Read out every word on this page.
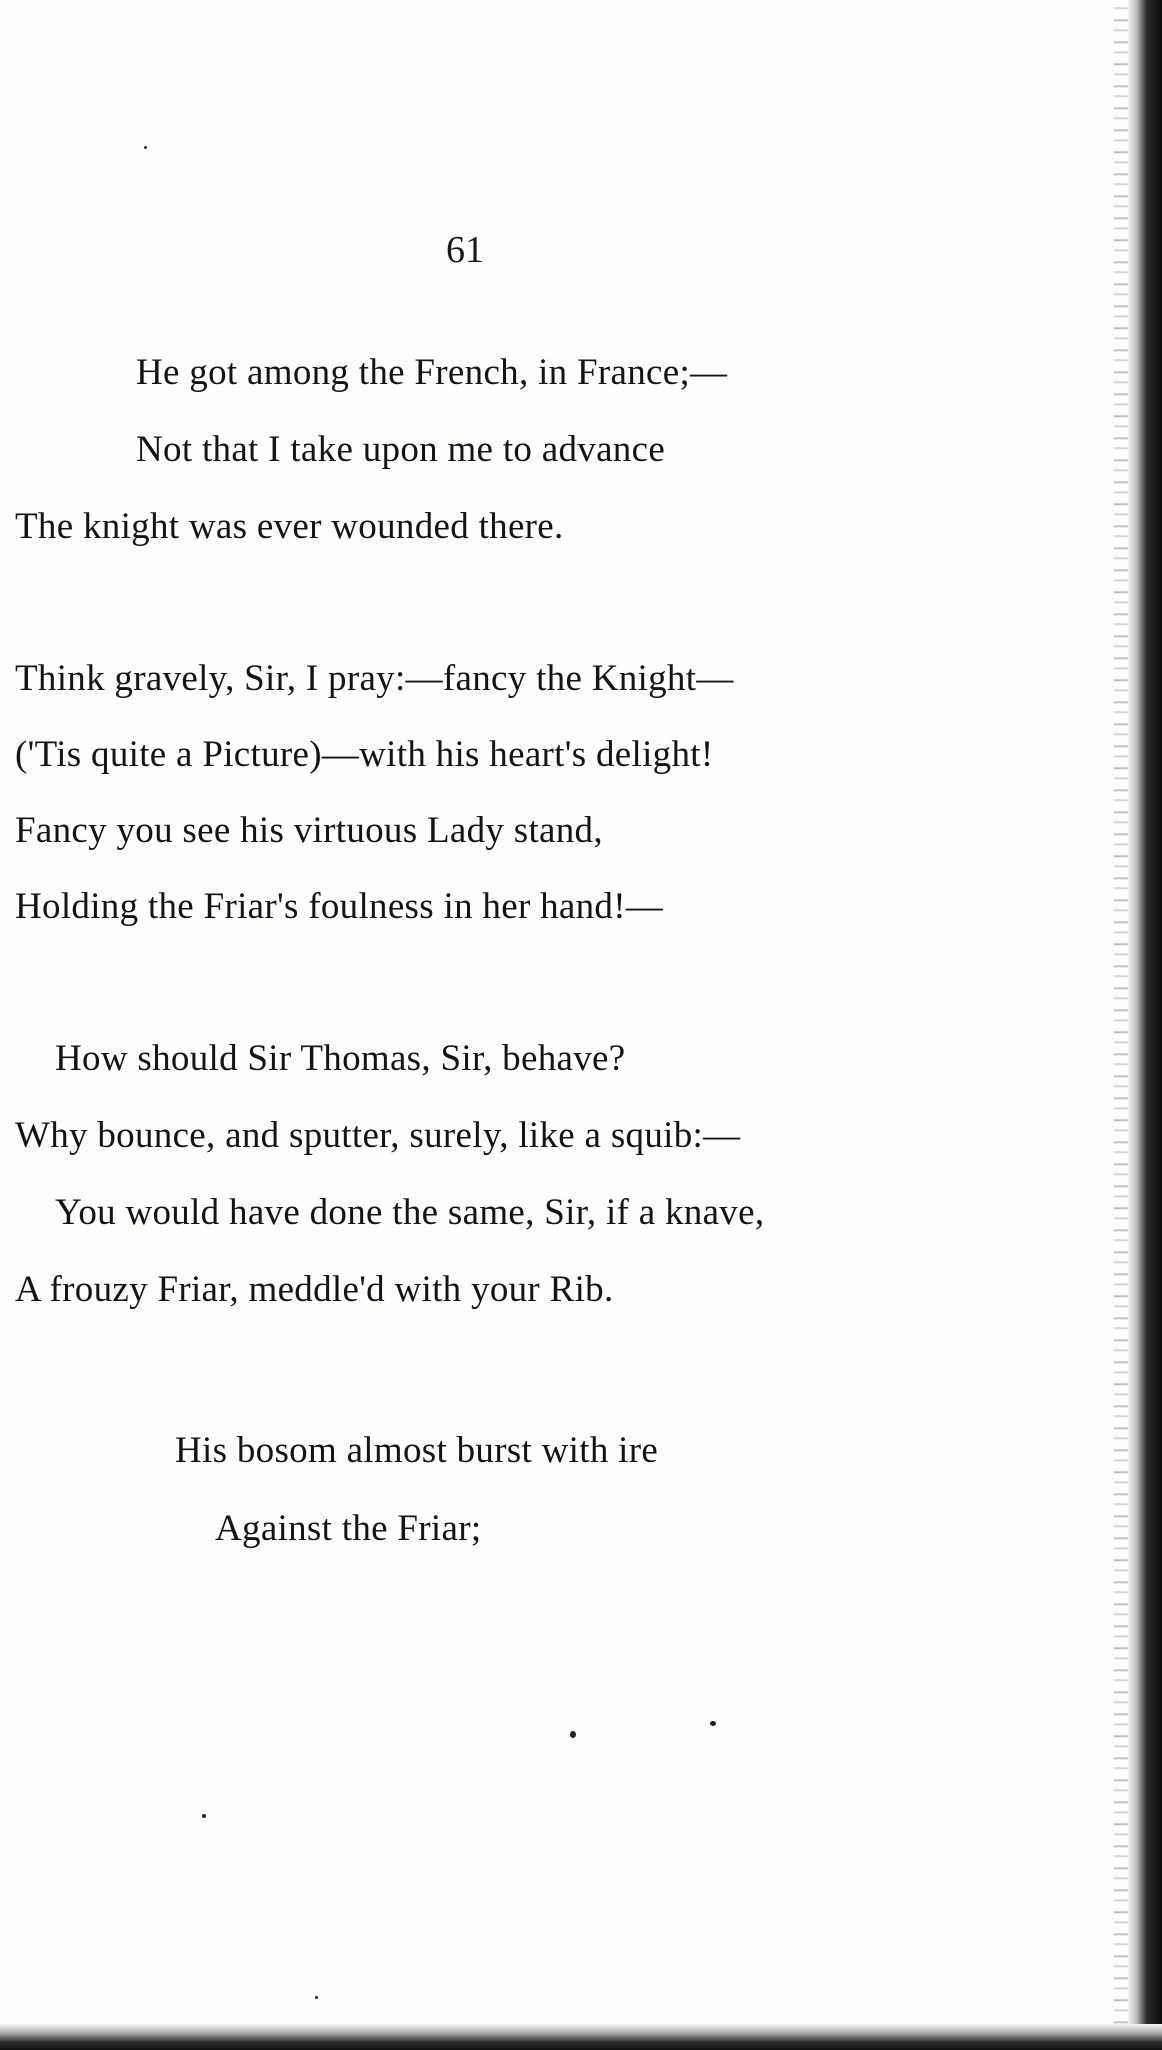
61
He got among the French, in France;—
Not that I take upon me to advance
The knight was ever wounded there.
Think gravely, Sir, I pray:—fancy the Knight—
('Tis quite a Picture)—with his heart's delight!
Fancy you see his virtuous Lady stand,
Holding the Friar's foulness in her hand!—
How should Sir Thomas, Sir, behave?
Why bounce, and sputter, surely, like a squib:—
You would have done the same, Sir, if a knave,
A frouzy Friar, meddle'd with your Rib.
His bosom almost burst with ire
Against the Friar;
